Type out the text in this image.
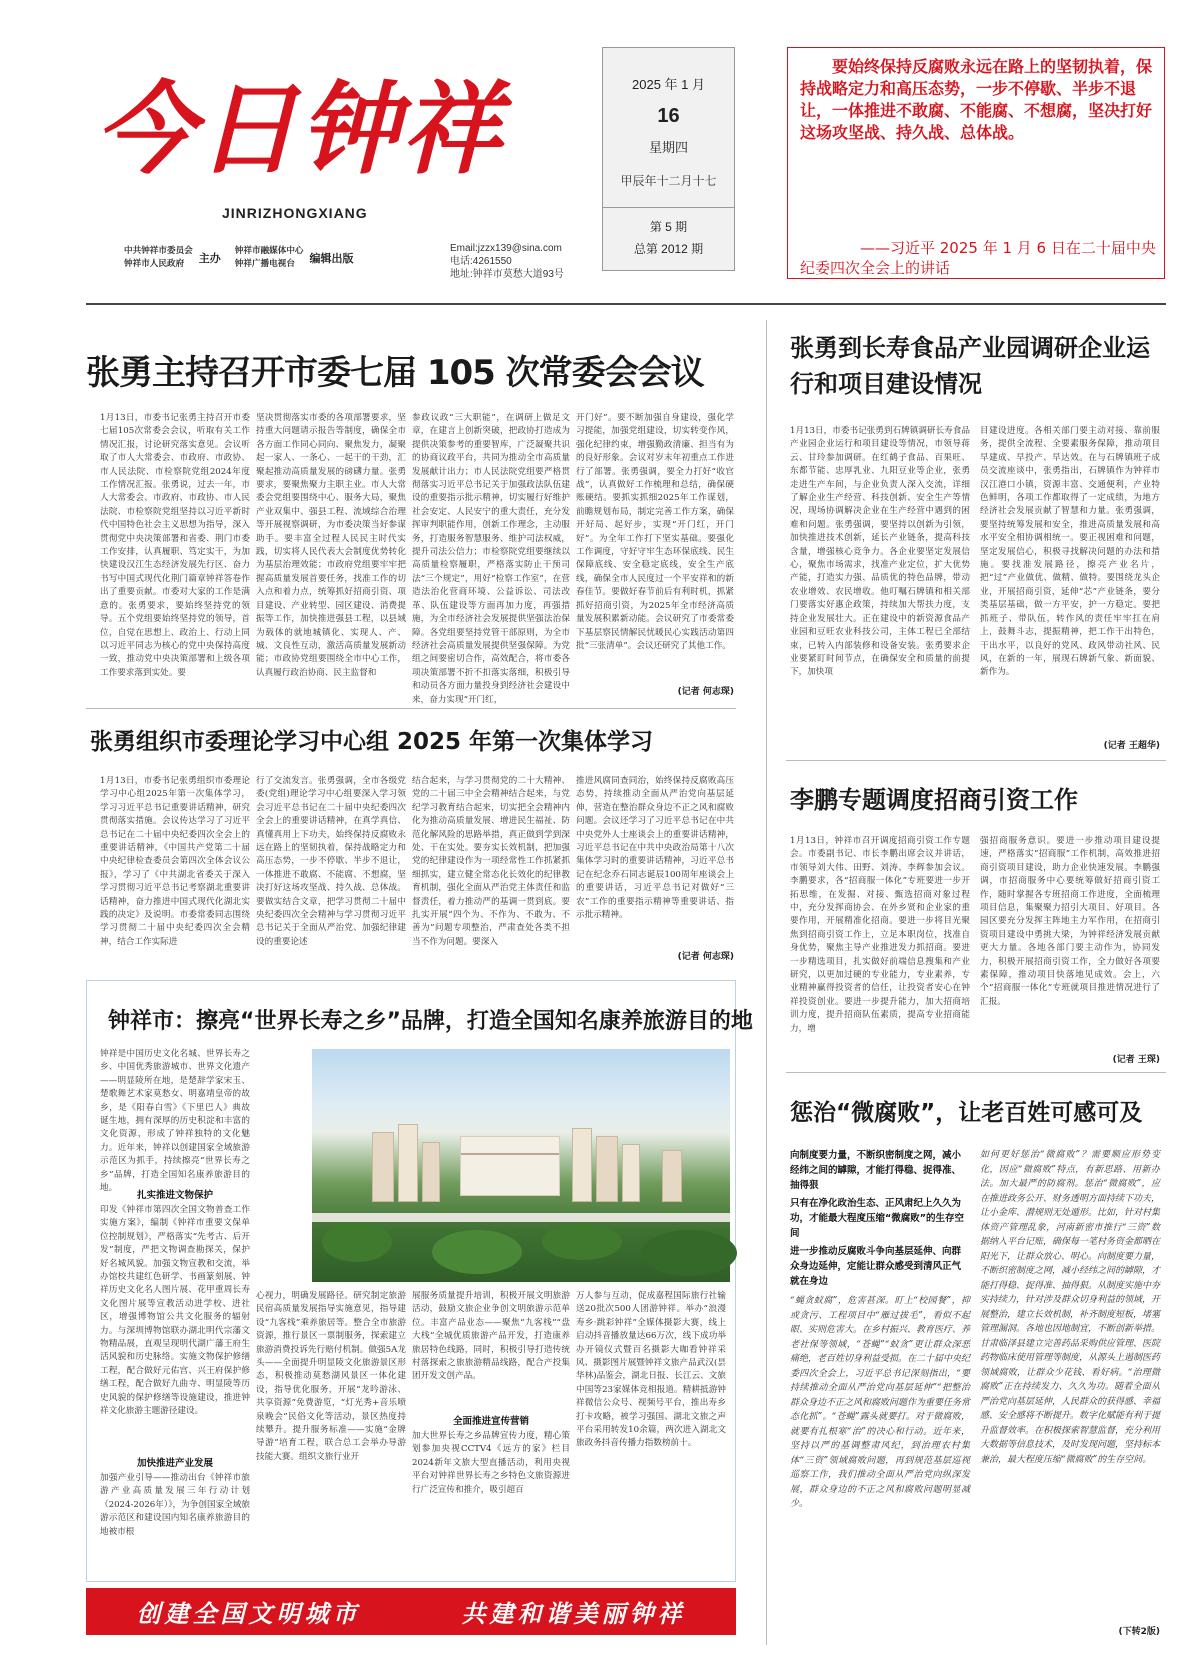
今日钟祥
JINRIZHONGXIANG
中共钟祥市委员会
钟祥市人民政府	主办
钟祥市融媒体中心
钟祥广播电视台	编辑出版
Email:jzzx139@sina.com
电话:4261550
地址:钟祥市莫愁大道93号
2025 年 1 月
16
星期四
甲辰年十二月十七
第 5 期
总第 2012 期
要始终保持反腐败永远在路上的坚韧执着，保持战略定力和高压态势，一步不停歇、半步不退让，一体推进不敢腐、不能腐、不想腐，坚决打好这场攻坚战、持久战、总体战。
——习近平 2025 年 1 月 6 日在二十届中央纪委四次全会上的讲话
张勇主持召开市委七届 105 次常委会会议
1月13日，市委书记张勇主持召开市委七届105次常委会会议，听取有关工作情况汇报，讨论研究落实意见。会议听取了市人大常委会、市政府、市政协、市人民法院、市检察院党组2024年度工作情况汇报。张勇说，过去一年，市人大常委会、市政府、市政协、市人民法院、市检察院党组坚持以习近平新时代中国特色社会主义思想为指导，深入贯彻党中央决策部署和省委、荆门市委工作安排，认真履职、笃定实干，为加快建设汉江生态经济发展先行区、奋力书写中国式现代化荆门篇章钟祥答卷作出了重要贡献。市委对大家的工作是满意的。张勇要求，要始终坚持党的领导。五个党组要始终坚持党的领导，首位，自觉在思想上、政治上、行动上同以习近平同志为核心的党中央保持高度一致，推动党中央决策部署和上级各项工作要求落到实处。要
坚决贯彻落实市委的各项部署要求，坚持重大问题请示报告等制度，确保全市各方面工作同心同向、聚焦发力，凝聚起一家人、一条心、一起干的干劲，汇聚起推动高质量发展的磅礴力量。张勇要求，要聚焦聚力主职主业。市人大常委会党组要围绕中心、服务大局，聚焦产业双集中、强县工程、流域综合治理等开展视察调研，为市委决策当好参谋助手。要丰富全过程人民民主时代实践，切实将人民代表大会制度优势转化为基层治理效能；市政府党组要牢牢把握高质量发展首要任务，找准工作的切入点和着力点，统筹抓好招商引资、项目建设、产业转型、园区建设、消费提振等工作，加快推进强县工程，以县域为载体的就地城镇化、实现人、产、城、文良性互动，激活高质量发展新动能；市政协党组要围绕全市中心工作，认真履行政治协商、民主监督和
参政议政“三大职能”，在调研上做足文章，在建言上创新突破，把政协打造成为提供决策参考的重要智库，广泛凝聚共识的协商议政平台，共同为推动全市高质量发展献计出力；市人民法院党组要严格贯彻落实习近平总书记关于加强政法队伍建设的重要指示批示精神，切实履行好维护社会安定、人民安宁的重大责任，充分发挥审判职能作用，创新工作理念，主动服务，打造服务智慧服务、维护司法权威，提升司法公信力；市检察院党组要继续以高质量检察履职，严格落实防止干预司法“三个规定”，用好“检察工作室”，在营造法治化营商环境、公益诉讼、司法改革、队伍建设等方面再加力度，再强措施，为全市经济社会发展提供坚强法治保障。各党组要坚持党管干部原则，为全市经济社会高质量发展提供坚强保障。为党组之间要密切合作，高效配合，将市委各项决策部署不折不扣落实落细，积极引导和动员各方面力量投身到经济社会建设中来，奋力实现“开门红，
开门好”。要不断加强自身建设，强化学习提能，加强党组建设，切实转变作风，强化纪律约束，增强勤政清廉、担当有为的良好形象。会议对岁末年初重点工作进行了部署。张勇强调，要全力打好“收官战”，认真做好工作梳理和总结，确保硬账硬结。要抓实抓细2025年工作谋划，前瞻规划布局，制定完善工作方案，确保开好局、起好步，实现“开门红，开门好”。为全年工作打下坚实基础。要强化工作调度，守好守牢生态环保底线、民生保障底线、安全稳定底线，安全生产底线，确保全市人民度过一个平安祥和的新春佳节。要做好春节前后有利时机，抓紧抓好招商引资，为2025年全市经济高质量发展积累新动能。会议研究了市委常委下基层察民情解民忧暖民心实践活动第四批“三张清单”。会议还研究了其他工作。
(记者 何志琛)
张勇组织市委理论学习中心组 2025 年第一次集体学习
1月13日，市委书记张勇组织市委理论学习中心组2025年第一次集体学习，学习习近平总书记重要讲话精神，研究贯彻落实措施。会议传达学习了习近平总书记在二十届中央纪委四次全会上的重要讲话精神，《中国共产党第二十届中央纪律检查委员会第四次全体会议公报》，学习了《中共湖北省委关于深入学习贯彻习近平总书记考察湖北重要讲话精神，奋力推进中国式现代化湖北实践的决定》及说明。市委常委同志围绕学习贯彻二十届中央纪委四次全会精神，结合工作实际进
行了交流发言。张勇强调，全市各级党委(党组)理论学习中心组要深入学习领会习近平总书记在二十届中央纪委四次全会上的重要讲话精神，在真学真信、真懂真用上下功夫，始终保持反腐败永远在路上的坚韧执着，保持战略定力和高压态势，一步不停歇、半步不退让，一体推进不敢腐、不能腐、不想腐，坚决打好这场攻坚战、持久战、总体战。要做实结合文章，把学习贯彻二十届中央纪委四次全会精神与学习贯彻习近平总书记关于全面从严治党、加强纪律建设的重要论述
结合起来，与学习贯彻党的二十大精神、党的二十届三中全会精神结合起来，与党纪学习教育结合起来，切实把全会精神内化为推动高质量发展、增进民生福祉、防范化解风险的思路举措，真正做到学到深处、干在实处。要夯实长效机制，把加强党的纪律建设作为一项经常性工作抓紧抓细抓实，建立健全常态化长效化的纪律教育机制，强化全面从严治党主体责任和监督责任，着力推动严的基调一贯到底。要扎实开展“四个为、不作为、不敢为、不善为”问题专项整治，严肃查处各类不担当不作为问题。要深入
推进风腐同查同治，始终保持反腐败高压态势，持续推动全面从严治党向基层延伸，营造在整治群众身边不正之风和腐败问题。会议还学习了习近平总书记在中共中央党外人士座谈会上的重要讲话精神，习近平总书记在中共中央政治局第十八次集体学习时的重要讲话精神，习近平总书记在纪念乔石同志诞辰100周年座谈会上的重要讲话，习近平总书记对做好“三农”工作的重要指示精神等重要讲话、指示批示精神。
(记者 何志琛)
钟祥市：擦亮“世界长寿之乡”品牌，打造全国知名康养旅游目的地
钟祥是中国历史文化名城、世界长寿之乡、中国优秀旅游城市、世界文化遗产——明显陵所在地，是楚辞学家宋玉、楚歌舞艺术家莫愁女、明嘉靖皇帝的故乡，是《阳春白雪》《下里巴人》典故诞生地，拥有深厚的历史积淀和丰富的文化资源，形成了钟祥独特的文化魅力。近年来，钟祥以创建国家全域旅游示范区为抓手，持续擦亮“世界长寿之乡”品牌，打造全国知名康养旅游目的地。
扎实推进文物保护
印发《钟祥市第四次全国文物普查工作实施方案》，编制《钟祥市重要文保单位控制规划》，严格落实“先考古、后开发”制度，严把文物调查勘探关，保护好名城风貌。加强文物宣教和交流，举办馆校共建红色研学、书画篆刻展、钟祥历史文化名人图片展、花甲重周长寿文化图片展等宣教活动进学校、进社区，增强博物馆公共文化服务的辐射力。与深圳博物馆联办湖北明代宗藩文物精品展，直观呈现明代湖广藩王府生活风貌和历史脉络。实施文物保护修缮工程，配合做好元佑宫、兴王府保护修缮工程，配合做好九曲寺、明显陵等历史风貌的保护修缮等设施建设，推进钟祥文化旅游主题游径建设。
加快推进产业发展
加强产业引导——推动出台《钟祥市旅游产业高质量发展三年行动计划（2024-2026年）》，为争创国家全域旅游示范区和建设国内知名康养旅游目的地被市根
心视力，明确发展路径。研究制定旅游民宿高质量发展指导实施意见，指导建设“九客栈”乘养旅居等。整合全市旅游资源，推行景区一票制服务，探索建立旅游消费投诉先行赔付机制。做强5A龙头——全面提升明显陵文化旅游景区形态，积极推动莫愁湖风景区一体化建设，指导优化服务，开展“龙吟游泳、共享资源”免费游览，“灯光秀+音乐喷泉晚会”民俗文化等活动，景区热度持续攀升。提升服务标准——实施“金牌导游”培育工程，联合总工会举办导游技能大赛。组织文旅行业开
展服务质量提升培训，积极开展文明旅游活动，鼓励文旅企业争创文明旅游示范单位。丰富产品业态——聚焦“九客栈”“盘大栈”全城优质旅游产品开发，打造康养旅居特色线路，同时，积极引导打造传统村落探索之旅旅游精品线路，配合产投集团开发文创产品。
全面推进宣传营销
加大世界长寿之乡品牌宣传力度，精心策划参加央视CCTV4《远方的家》栏目2024新年文旅大型直播活动，利用央视平台对钟祥世界长寿之乡特色文旅资源进行广泛宣传和推介，吸引超百
万人参与互动，促成嘉程国际旅行社输送20批次500人团游钟祥。举办“浪漫寿乡·跳彩钟祥”全媒体摄影大赛，线上启动抖音播放量达66万次，线下成功举办开镜仪式暨百名摄影大咖看钟祥采风、摄影图片展暨钟祥文旅产品武汉(昙华林)品鉴会，湖北日报、长江云、文旅中国等23家媒体竞相报道。精耕抵游钟祥微信公众号、视频号平台，推出寿乡打卡攻略，被学习强国、湖北文旅之声平台采用转发10余篇，两次进入湖北文旅政务抖音传播力指数榜前十。
创建全国文明城市	共建和谐美丽钟祥
张勇到长寿食品产业园调研企业运行和项目建设情况
1月13日，市委书记张勇到石牌镇调研长寿食品产业园企业运行和项目建设等情况，市领导蒋云、甘玲参加调研。在红鹤子食品、百果旺、东都节能、忠厚乳业、九阳豆业等企业，张勇走进生产车间，与企业负责人深入交流，详细了解企业生产经营、科技创新、安全生产等情况，现场协调解决企业在生产经营中遇到的困难和问题。张勇强调，要坚持以创新为引领，加快推进技术创新，延长产业链条，提高科技含量，增强核心竞争力。各企业要坚定发展信心，聚焦市场需求，找准产业定位，扩大优势产能，打造实力强、品质优的特色品牌，带动农业增效、农民增收。他叮嘱石牌镇和相关部门要落实好惠企政策，持续加大帮扶力度，支持企业发展壮大。正在建设中的新资源食品产业园和豆旺农业科技公司，主体工程已全部结束，已转入内部装修和设备安装。张勇要求企业要紧盯时间节点，在确保安全和质量的前提下，加快项
目建设进度。各相关部门要主动对接、靠前服务，提供全流程、全要素服务保障，推动项目早建成、早投产、早达效。在与石牌镇班子成员交流座谈中，张勇指出，石牌镇作为钟祥市汉江港口小镇，资源丰富、交通便利，产业特色鲜明，各项工作都取得了一定成绩，为地方经济社会发展贡献了智慧和力量。张勇强调，要坚持统筹发展和安全，推进高质量发展和高水平安全相协调相统一。要正视困难和问题，坚定发展信心，积极寻找解决问题的办法和措施。要找准发展路径，擦亮产业名片，把“过”产业做优、做精、做特。要围绕龙头企业，开展招商引资，延伸“芯”产业链条，要分类基层基础，做一方平安，护一方稳定。要把抓班子、带队伍，转作风的责任牢牢扛在肩上，鼓舞斗志，提振精神，把工作干出特色，干出水平，以良好的党风、政风带动社风、民风，在新的一年，展现石牌新气象、新面貌、新作为。
(记者 王超华)
李鹏专题调度招商引资工作
1月13日，钟祥市召开调度招商引资工作专题会。市委副书记、市长李鹏出席会议并讲话，市领导刘大伟、田野、刘涛、李辉参加会议。李鹏要求，各“招商服一体化”专班要进一步开拓思维，在发掘、对接、甄选招商对象过程中，充分发挥商协会、在外乡贤和企业家的重要作用，开展精准化招商。要进一步将目光聚焦到招商引资工作上，立足本职岗位，找准自身优势，聚焦主导产业推进发力抓招商。要进一步精选项目，扎实做好前端信息搜集和产业研究，以更加过硬的专业能力，专业素养，专业精神赢得投资者的信任，让投资者安心在钟祥投资创业。要进一步提升能力，加大招商培训力度，提升招商队伍素质，提高专业招商能力，增
强招商服务意识。要进一步推动项目建设提速，严格落实“招商服”工作机制，高效推进招商引资项目建设，助力企业快速发展。李鹏强调，市招商服务中心要统筹做好招商引资工作，随时掌握各专班招商工作进度，全面梳理项目信息，集聚聚力招引大项目、好项目。各园区要充分发挥主阵地主力军作用，在招商引资项目建设中勇挑大梁，为钟祥经济发展贡献更大力量。各地各部门要主动作为，协同发力，积极开展招商引资工作，全力做好各项要素保障，推动项目快落地见成效。会上，六个“招商服一体化”专班就项目推进情况进行了汇报。
(记者 王琛)
惩治“微腐败”，让老百姓可感可及
向制度要力量，不断织密制度之网，减小经纬之间的罅隙，才能打得稳、捉得准、抽得狠
只有在净化政治生态、正风肃纪上久久为功，才能最大程度压缩“微腐败”的生存空间
进一步推动反腐败斗争向基层延伸、向群众身边延伸，定能让群众感受到清风正气就在身边
“蝇贪蚁腐”，危害甚深。盯上“校园餐”，抑或贪污、工程项目中“雁过拔毛”，看似不起眼、实则危害大。在乡村振兴、教育医疗、养老社保等领域，“苍蝇”“蚁贪”更让群众深恶痛绝，老百姓切身利益受损。在二十届中央纪委四次全会上，习近平总书记深刻指出，“要持续推动全面从严治党向基层延伸”“把整治群众身边不正之风和腐败问题作为重要任务常态化抓”。“苍蝇”露头就要打。对于微腐败，就要有扎根寒“治”的决心和行动。近年来，坚持以严的基调整肃风纪，到治理农村集体“三资”领域腐败问题，再到规范基层巡视巡察工作，我们推动全面从严治党向纵深发展，群众身边的不正之风和腐败问题明显减少。
如何更好惩治“微腐败”？需要顺应形势变化，因应“微腐败”特点，有新思路、用新办法。加大最严的防腐剂。惩治“微腐败”，应在推进政务公开、财务透明方面持续下功夫，让小金库、潜规则无处遁形。比如，针对村集体资产管理乱象，河南新密市推行“三资”数据纳入平台记账，确保每一笔村务资金都晒在阳光下，让群众放心、明心。向制度要力量，不断织密制度之网，减小经纬之间的罅隙，才能打得稳、捉得准、抽得狠。从制度实施中夯实持续力，针对涉及群众切身利益的领域，开展整治，建立长效机制，补齐制度短板，堵塞管理漏洞。各地也因地制宜，不断创新举措。甘肃临泽县建立完善药品采购供应管理、医院药物临床使用管理等制度，从源头上遏制医药领域腐败，让群众少花钱、看好病。“治理微腐败”正在持续发力、久久为功。随着全面从严治党向基层延伸，人民群众的获得感、幸福感、安全感将不断提升。数字化赋能有利于提升监督效率。在积极探索智慧监督，充分利用大数据等信息技术，及时发现问题，坚持标本兼治，最大程度压缩“微腐败”的生存空间。
(下转2版)
